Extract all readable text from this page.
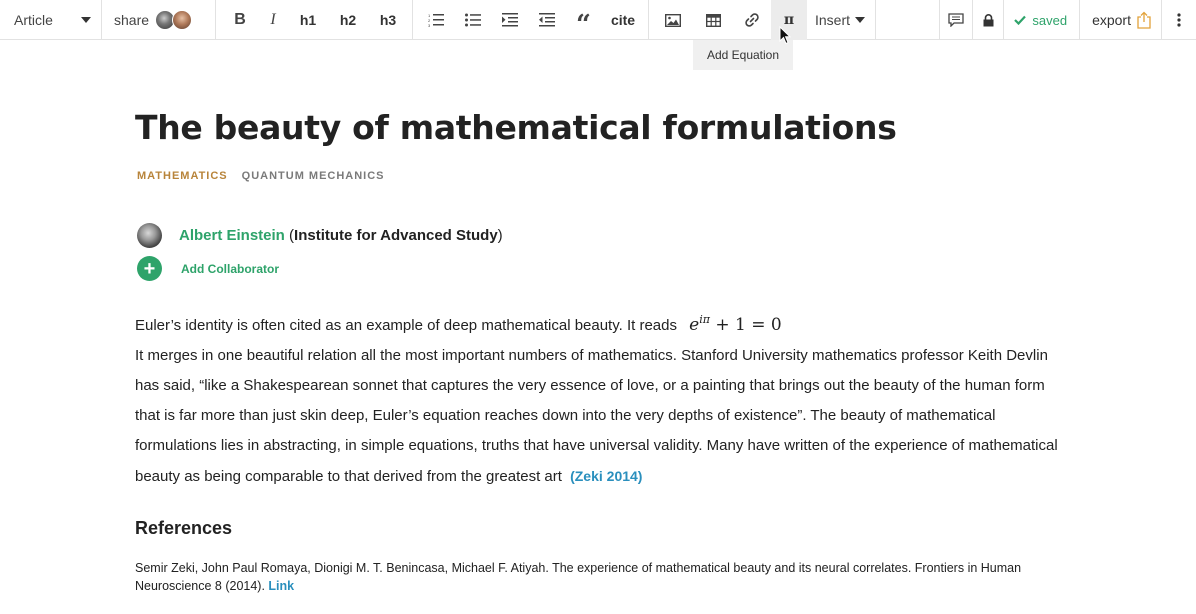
Article	share	B I h1 h2 h3	1
2
3	“ cite	π Insert	saved export
Add Equation
The beauty of mathematical formulations
MATHEMATICS QUANTUM MECHANICS
Albert Einstein (Institute for Advanced Study)
+	Add Collaborator
Euler’s identity is often cited as an example of deep mathematical beauty. It reads $e^{i\pi} + 1 = 0$
It merges in one beautiful relation all the most important numbers of mathematics. Stanford University mathematics professor Keith Devlin has said, “like a Shakespearean sonnet that captures the very essence of love, or a painting that brings out the beauty of the human form that is far more than just skin deep, Euler’s equation reaches down into the very depths of existence”. The beauty of mathematical formulations lies in abstracting, in simple equations, truths that have universal validity. Many have written of the experience of mathematical beauty as being comparable to that derived from the greatest art (Zeki 2014)
References
Semir Zeki, John Paul Romaya, Dionigi M. T. Benincasa, Michael F. Atiyah. The experience of mathematical beauty and its neural correlates. Frontiers in Human Neuroscience 8 (2014). Link
